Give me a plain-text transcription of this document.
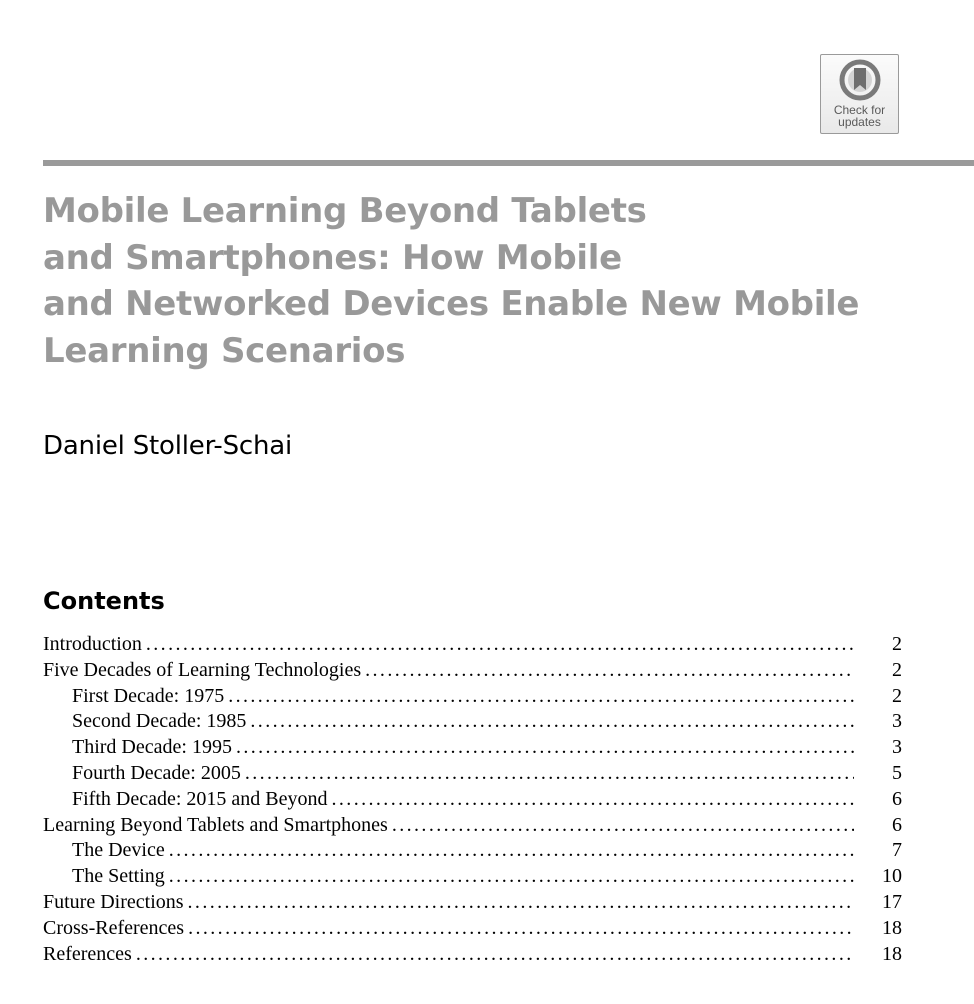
Check for
updates
Mobile Learning Beyond Tablets
and Smartphones: How Mobile
and Networked Devices Enable New Mobile
Learning Scenarios
Daniel Stoller-Schai
Contents
Introduction . . .	2
Five Decades of Learning Technologies . . .	2
First Decade: 1975 . . .	2
Second Decade: 1985 . . .	3
Third Decade: 1995 . . .	3
Fourth Decade: 2005 . . .	5
Fifth Decade: 2015 and Beyond . . .	6
Learning Beyond Tablets and Smartphones . . .	6
The Device . . .	7
The Setting . . .	10
Future Directions . . .	17
Cross-References . . .	18
References . . .	18
